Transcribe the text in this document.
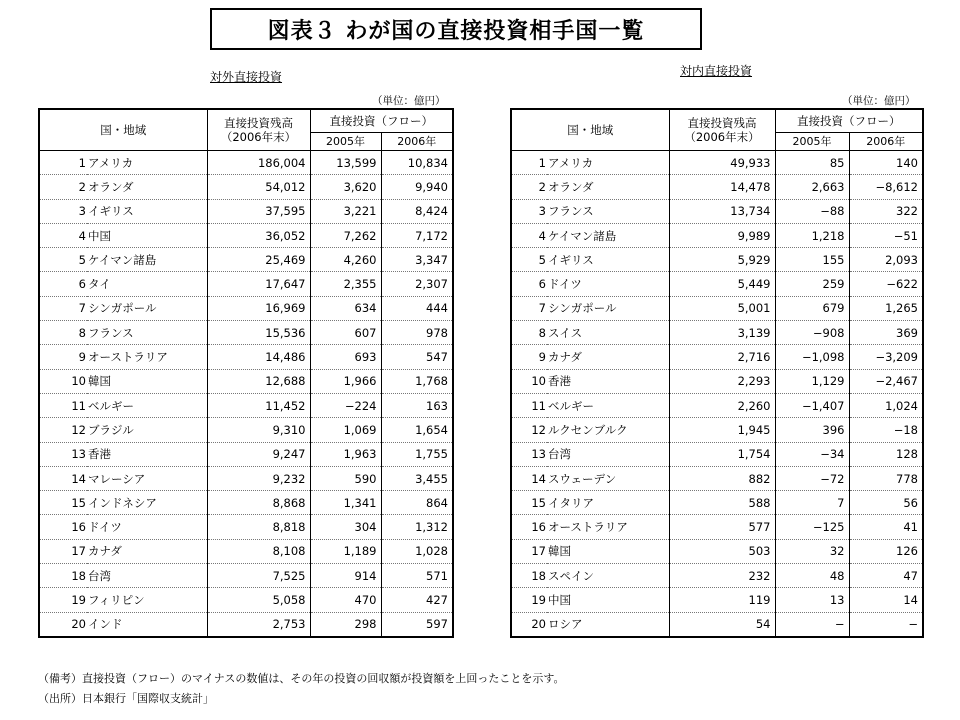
図表３ わが国の直接投資相手国一覧
対外直接投資
（単位：億円）
国・地域		直接投資残高
（2006年末）	直接投資（フロー）	
			2005年	2006年
1	アメリカ	186,004	13,599	10,834
2	オランダ	54,012	3,620	9,940
3	イギリス	37,595	3,221	8,424
4	中国	36,052	7,262	7,172
5	ケイマン諸島	25,469	4,260	3,347
6	タイ	17,647	2,355	2,307
7	シンガポール	16,969	634	444
8	フランス	15,536	607	978
9	オーストラリア	14,486	693	547
10	韓国	12,688	1,966	1,768
11	ベルギー	11,452	−224	163
12	ブラジル	9,310	1,069	1,654
13	香港	9,247	1,963	1,755
14	マレーシア	9,232	590	3,455
15	インドネシア	8,868	1,341	864
16	ドイツ	8,818	304	1,312
17	カナダ	8,108	1,189	1,028
18	台湾	7,525	914	571
19	フィリピン	5,058	470	427
20	インド	2,753	298	597
対内直接投資
（単位：億円）
国・地域		直接投資残高
（2006年末）	直接投資（フロー）	
			2005年	2006年
1	アメリカ	49,933	85	140
2	オランダ	14,478	2,663	−8,612
3	フランス	13,734	−88	322
4	ケイマン諸島	9,989	1,218	−51
5	イギリス	5,929	155	2,093
6	ドイツ	5,449	259	−622
7	シンガポール	5,001	679	1,265
8	スイス	3,139	−908	369
9	カナダ	2,716	−1,098	−3,209
10	香港	2,293	1,129	−2,467
11	ベルギー	2,260	−1,407	1,024
12	ルクセンブルク	1,945	396	−18
13	台湾	1,754	−34	128
14	スウェーデン	882	−72	778
15	イタリア	588	7	56
16	オーストラリア	577	−125	41
17	韓国	503	32	126
18	スペイン	232	48	47
19	中国	119	13	14
20	ロシア	54	−	−
（備考）直接投資（フロー）のマイナスの数値は、その年の投資の回収額が投資額を上回ったことを示す。
（出所）日本銀行「国際収支統計」
